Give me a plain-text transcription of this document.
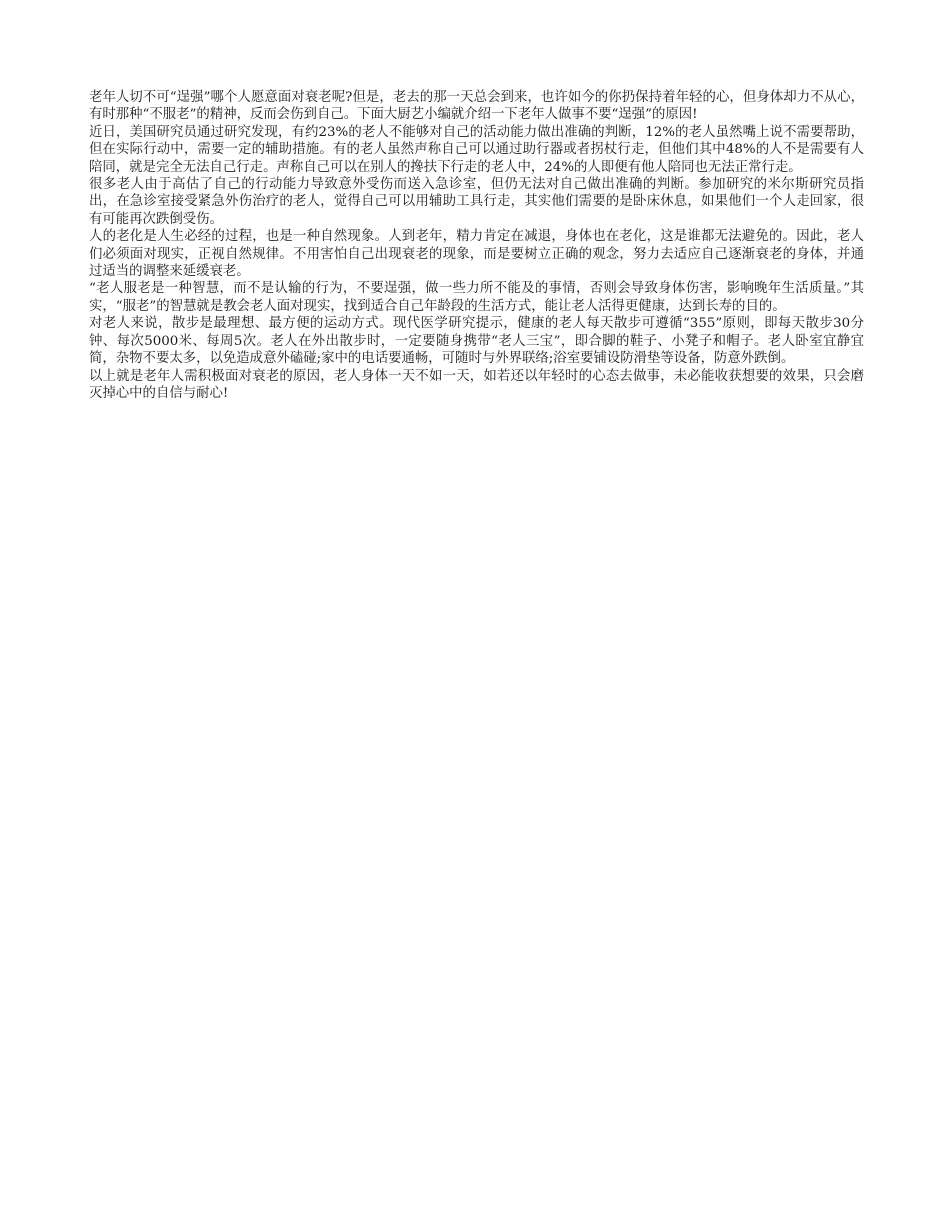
老年人切不可“逞强”哪个人愿意面对衰老呢?但是，老去的那一天总会到来，也许如今的你扔保持着年轻的心，但身体却力不从心，有时那种“不服老”的精神，反而会伤到自己。下面大厨艺小编就介绍一下老年人做事不要“逞强”的原因!

近日，美国研究员通过研究发现，有约23%的老人不能够对自己的活动能力做出准确的判断，12%的老人虽然嘴上说不需要帮助，但在实际行动中，需要一定的辅助措施。有的老人虽然声称自己可以通过助行器或者拐杖行走，但他们其中48%的人不是需要有人陪同，就是完全无法自己行走。声称自己可以在别人的搀扶下行走的老人中，24%的人即便有他人陪同也无法正常行走。

很多老人由于高估了自己的行动能力导致意外受伤而送入急诊室，但仍无法对自己做出准确的判断。参加研究的米尔斯研究员指出，在急诊室接受紧急外伤治疗的老人，觉得自己可以用辅助工具行走，其实他们需要的是卧床休息，如果他们一个人走回家，很有可能再次跌倒受伤。

人的老化是人生必经的过程，也是一种自然现象。人到老年，精力肯定在减退，身体也在老化，这是谁都无法避免的。因此，老人们必须面对现实，正视自然规律。不用害怕自己出现衰老的现象，而是要树立正确的观念，努力去适应自己逐渐衰老的身体，并通过适当的调整来延缓衰老。

“老人服老是一种智慧，而不是认输的行为，不要逞强，做一些力所不能及的事情，否则会导致身体伤害，影响晚年生活质量。”其实，“服老”的智慧就是教会老人面对现实，找到适合自己年龄段的生活方式，能让老人活得更健康，达到长寿的目的。

对老人来说，散步是最理想、最方便的运动方式。现代医学研究提示，健康的老人每天散步可遵循“355”原则，即每天散步30分钟、每次5000米、每周5次。老人在外出散步时，一定要随身携带“老人三宝”，即合脚的鞋子、小凳子和帽子。老人卧室宜静宜简，杂物不要太多，以免造成意外磕碰;家中的电话要通畅，可随时与外界联络;浴室要铺设防滑垫等设备，防意外跌倒。

以上就是老年人需积极面对衰老的原因，老人身体一天不如一天，如若还以年轻时的心态去做事，未必能收获想要的效果，只会磨灭掉心中的自信与耐心!
